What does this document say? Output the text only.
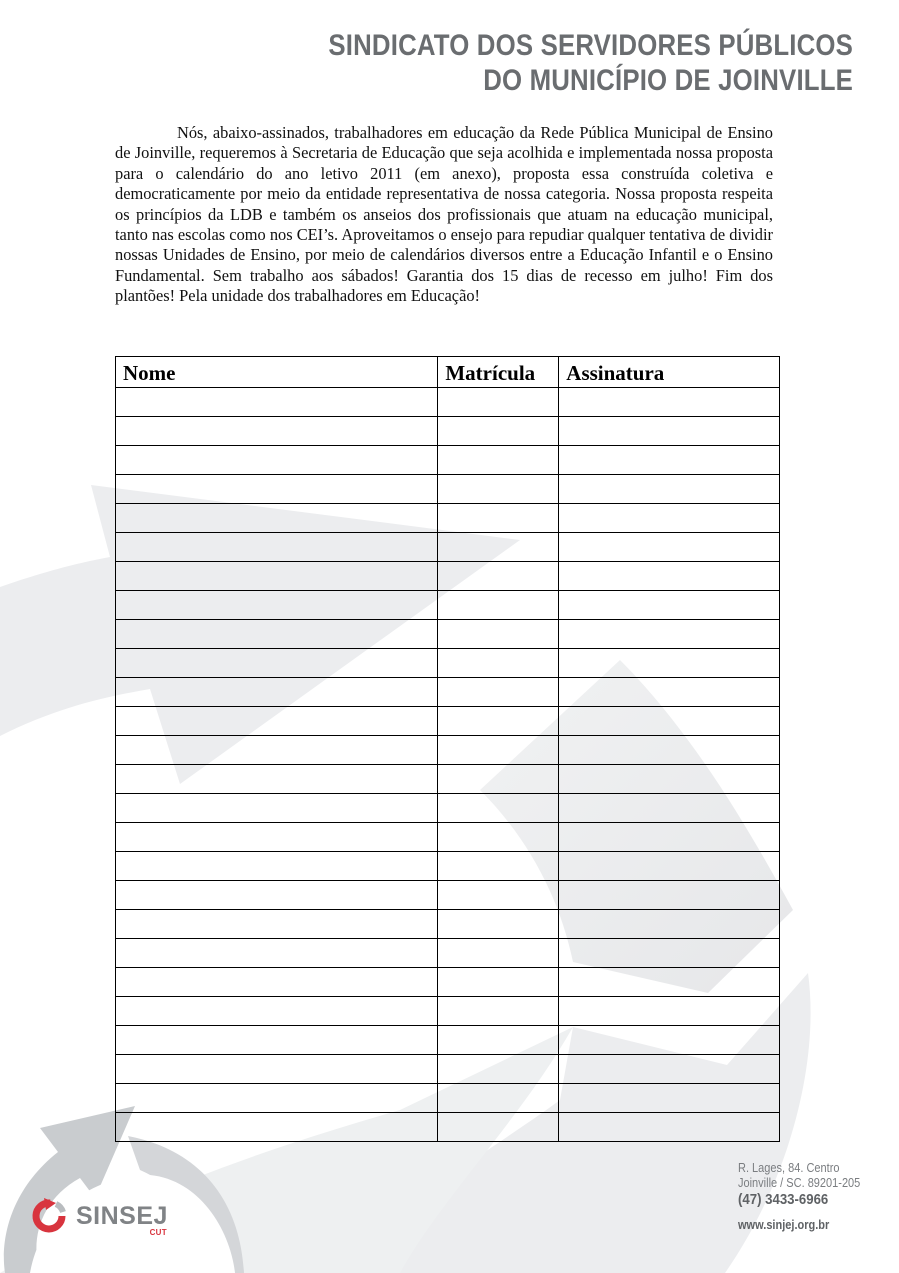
SINDICATO DOS SERVIDORES PÚBLICOS
DO MUNICÍPIO DE JOINVILLE

Nós, abaixo-assinados, trabalhadores em educação da Rede Pública Municipal de Ensino de Joinville, requeremos à Secretaria de Educação que seja acolhida e implementada nossa proposta para o calendário do ano letivo 2011 (em anexo), proposta essa construída coletiva e democraticamente por meio da entidade representativa de nossa categoria. Nossa proposta respeita os princípios da LDB e também os anseios dos profissionais que atuam na educação municipal, tanto nas escolas como nos CEI’s. Aproveitamos o ensejo para repudiar qualquer tentativa de dividir nossas Unidades de Ensino, por meio de calendários diversos entre a Educação Infantil e o Ensino Fundamental. Sem trabalho aos sábados! Garantia dos 15 dias de recesso em julho! Fim dos plantões! Pela unidade dos trabalhadores em Educação!

Nome	Matrícula	Assinatura

SINSEJ
CUT
R. Lages, 84. Centro
Joinville / SC. 89201-205
(47) 3433-6966
www.sinjej.org.br
